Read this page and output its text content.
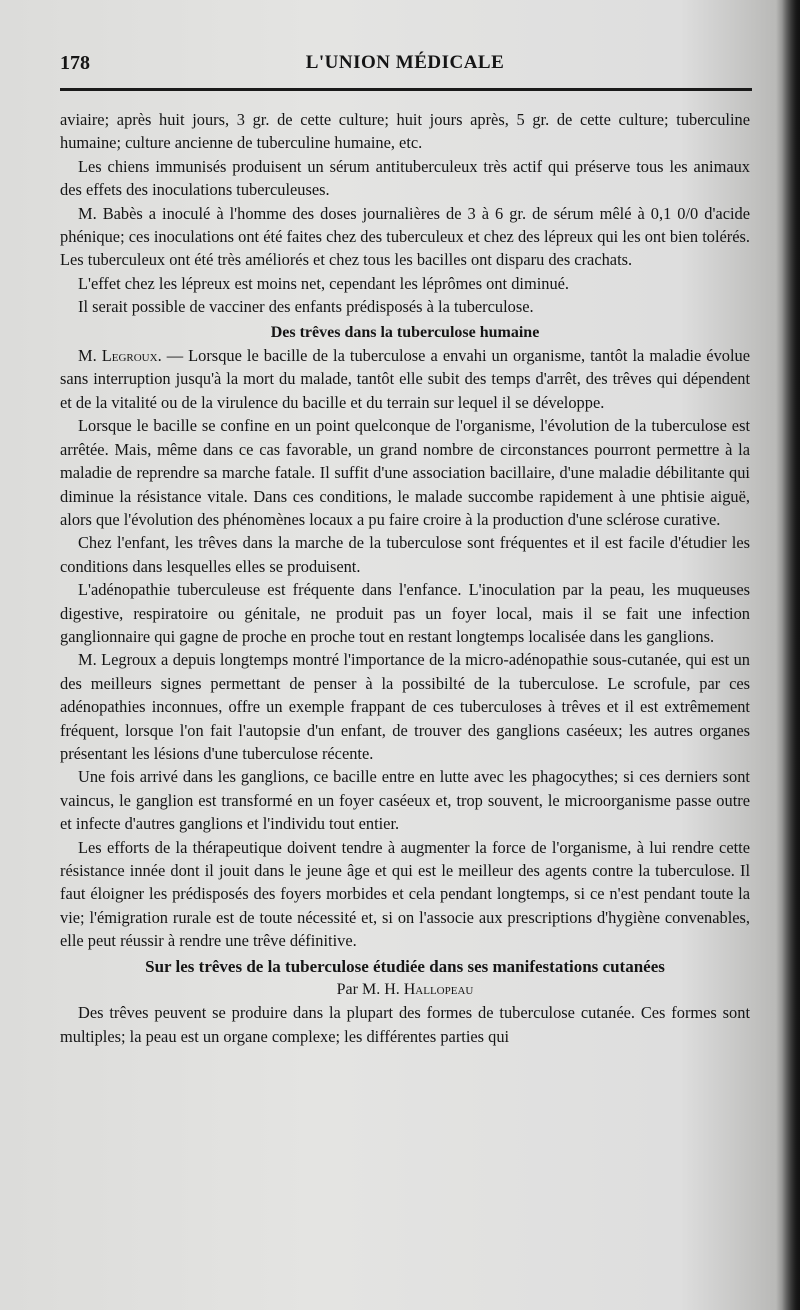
178	L'UNION MÉDICALE

aviaire; après huit jours, 3 gr. de cette culture; huit jours après, 5 gr. de cette culture; tuberculine humaine; culture ancienne de tuberculine humaine, etc.

Les chiens immunisés produisent un sérum antituberculeux très actif qui préserve tous les animaux des effets des inoculations tuberculeuses.

M. Babès a inoculé à l'homme des doses journalières de 3 à 6 gr. de sérum mêlé à 0,1 0/0 d'acide phénique; ces inoculations ont été faites chez des tuberculeux et chez des lépreux qui les ont bien tolérés. Les tuberculeux ont été très améliorés et chez tous les bacilles ont disparu des crachats.

L'effet chez les lépreux est moins net, cependant les léprômes ont diminué.

Il serait possible de vacciner des enfants prédisposés à la tuberculose.

Des trêves dans la tuberculose humaine

M. Legroux. — Lorsque le bacille de la tuberculose a envahi un organisme, tantôt la maladie évolue sans interruption jusqu'à la mort du malade, tantôt elle subit des temps d'arrêt, des trêves qui dépendent et de la vitalité ou de la virulence du bacille et du terrain sur lequel il se développe.

Lorsque le bacille se confine en un point quelconque de l'organisme, l'évolution de la tuberculose est arrêtée. Mais, même dans ce cas favorable, un grand nombre de circonstances pourront permettre à la maladie de reprendre sa marche fatale. Il suffit d'une association bacillaire, d'une maladie débilitante qui diminue la résistance vitale. Dans ces conditions, le malade succombe rapidement à une phtisie aiguë, alors que l'évolution des phénomènes locaux a pu faire croire à la production d'une sclérose curative.

Chez l'enfant, les trêves dans la marche de la tuberculose sont fréquentes et il est facile d'étudier les conditions dans lesquelles elles se produisent.

L'adénopathie tuberculeuse est fréquente dans l'enfance. L'inoculation par la peau, les muqueuses digestive, respiratoire ou génitale, ne produit pas un foyer local, mais il se fait une infection ganglionnaire qui gagne de proche en proche tout en restant longtemps localisée dans les ganglions.

M. Legroux a depuis longtemps montré l'importance de la micro-adénopathie sous-cutanée, qui est un des meilleurs signes permettant de penser à la possibilté de la tuberculose. Le scrofule, par ces adénopathies inconnues, offre un exemple frappant de ces tuberculoses à trêves et il est extrêmement fréquent, lorsque l'on fait l'autopsie d'un enfant, de trouver des ganglions caséeux; les autres organes présentant les lésions d'une tuberculose récente.

Une fois arrivé dans les ganglions, ce bacille entre en lutte avec les phagocythes; si ces derniers sont vaincus, le ganglion est transformé en un foyer caséeux et, trop souvent, le microorganisme passe outre et infecte d'autres ganglions et l'individu tout entier.

Les efforts de la thérapeutique doivent tendre à augmenter la force de l'organisme, à lui rendre cette résistance innée dont il jouit dans le jeune âge et qui est le meilleur des agents contre la tuberculose. Il faut éloigner les prédisposés des foyers morbides et cela pendant longtemps, si ce n'est pendant toute la vie; l'émigration rurale est de toute nécessité et, si on l'associe aux prescriptions d'hygiène convenables, elle peut réussir à rendre une trêve définitive.

Sur les trêves de la tuberculose étudiée dans ses manifestations cutanées
Par M. H. Hallopeau

Des trêves peuvent se produire dans la plupart des formes de tuberculose cutanée. Ces formes sont multiples; la peau est un organe complexe; les différentes parties qui
